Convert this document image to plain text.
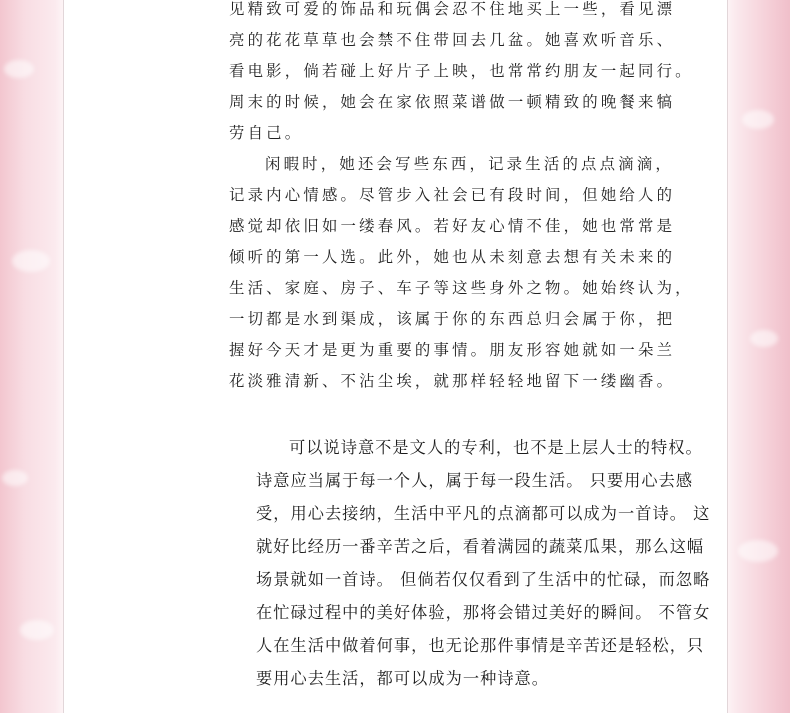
见精致可爱的饰品和玩偶会忍不住地买上一些，看见漂
亮的花花草草也会禁不住带回去几盆。她喜欢听音乐、
看电影，倘若碰上好片子上映，也常常约朋友一起同行。
周末的时候，她会在家依照菜谱做一顿精致的晚餐来犒
劳自己。
闲暇时，她还会写些东西，记录生活的点点滴滴，
记录内心情感。尽管步入社会已有段时间，但她给人的
感觉却依旧如一缕春风。若好友心情不佳，她也常常是
倾听的第一人选。此外，她也从未刻意去想有关未来的
生活、家庭、房子、车子等这些身外之物。她始终认为，
一切都是水到渠成，该属于你的东西总归会属于你，把
握好今天才是更为重要的事情。朋友形容她就如一朵兰
花淡雅清新、不沾尘埃，就那样轻轻地留下一缕幽香。
可以说诗意不是文人的专利，也不是上层人士的特权。
诗意应当属于每一个人，属于每一段生活。 只要用心去感
受，用心去接纳，生活中平凡的点滴都可以成为一首诗。 这
就好比经历一番辛苦之后，看着满园的蔬菜瓜果，那么这幅
场景就如一首诗。 但倘若仅仅看到了生活中的忙碌，而忽略
在忙碌过程中的美好体验，那将会错过美好的瞬间。 不管女
人在生活中做着何事，也无论那件事情是辛苦还是轻松，只
要用心去生活，都可以成为一种诗意。
